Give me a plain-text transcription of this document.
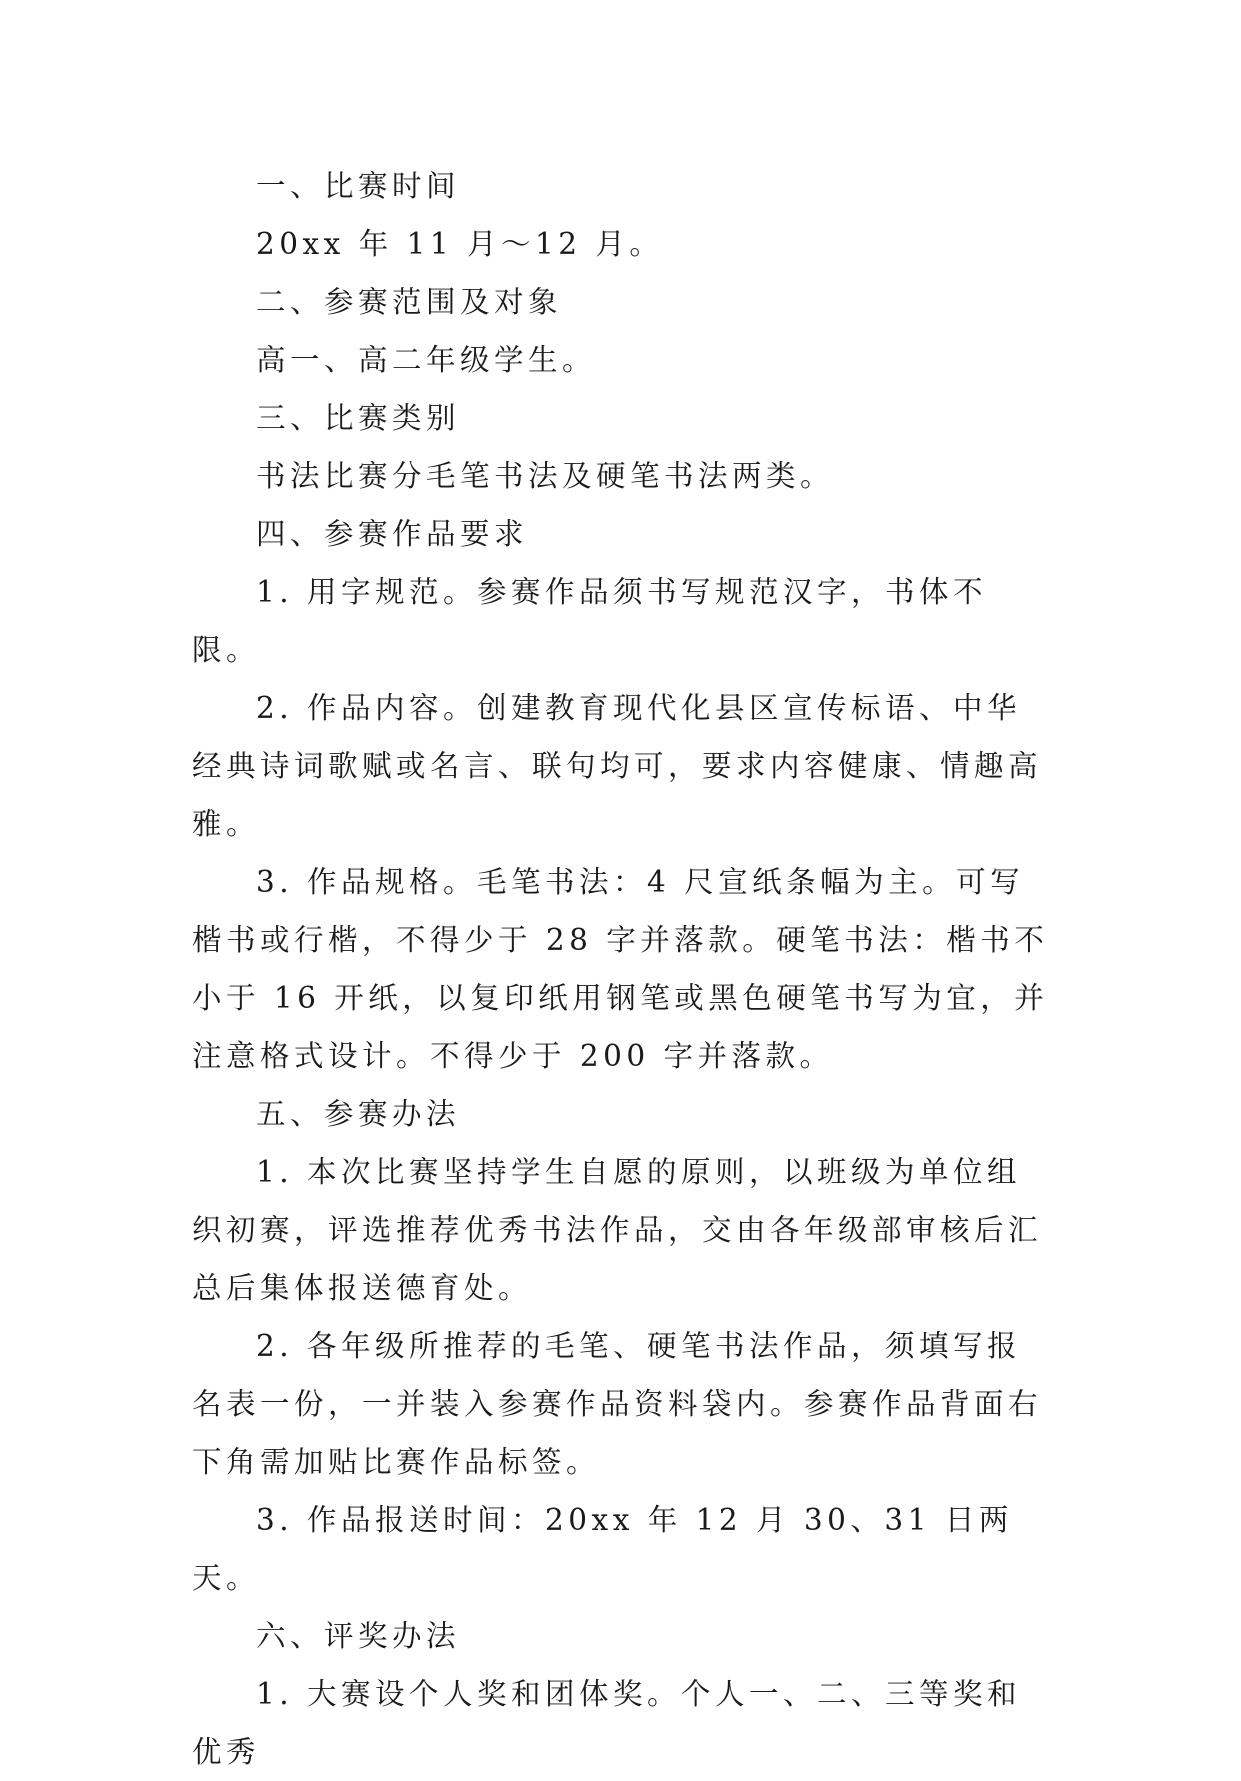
一、比赛时间

20xx 年 11 月～12 月。

二、参赛范围及对象

高一、高二年级学生。

三、比赛类别

书法比赛分毛笔书法及硬笔书法两类。

四、参赛作品要求

1. 用字规范。参赛作品须书写规范汉字，书体不限。

2. 作品内容。创建教育现代化县区宣传标语、中华经典诗词歌赋或名言、联句均可，要求内容健康、情趣高雅。

3. 作品规格。毛笔书法：4 尺宣纸条幅为主。可写楷书或行楷，不得少于 28 字并落款。硬笔书法：楷书不小于 16 开纸，以复印纸用钢笔或黑色硬笔书写为宜，并注意格式设计。不得少于 200 字并落款。

五、参赛办法

1. 本次比赛坚持学生自愿的原则，以班级为单位组织初赛，评选推荐优秀书法作品，交由各年级部审核后汇总后集体报送德育处。

2. 各年级所推荐的毛笔、硬笔书法作品，须填写报名表一份，一并装入参赛作品资料袋内。参赛作品背面右下角需加贴比赛作品标签。

3. 作品报送时间：20xx 年 12 月 30、31 日两天。

六、评奖办法

1. 大赛设个人奖和团体奖。个人一、二、三等奖和优秀
